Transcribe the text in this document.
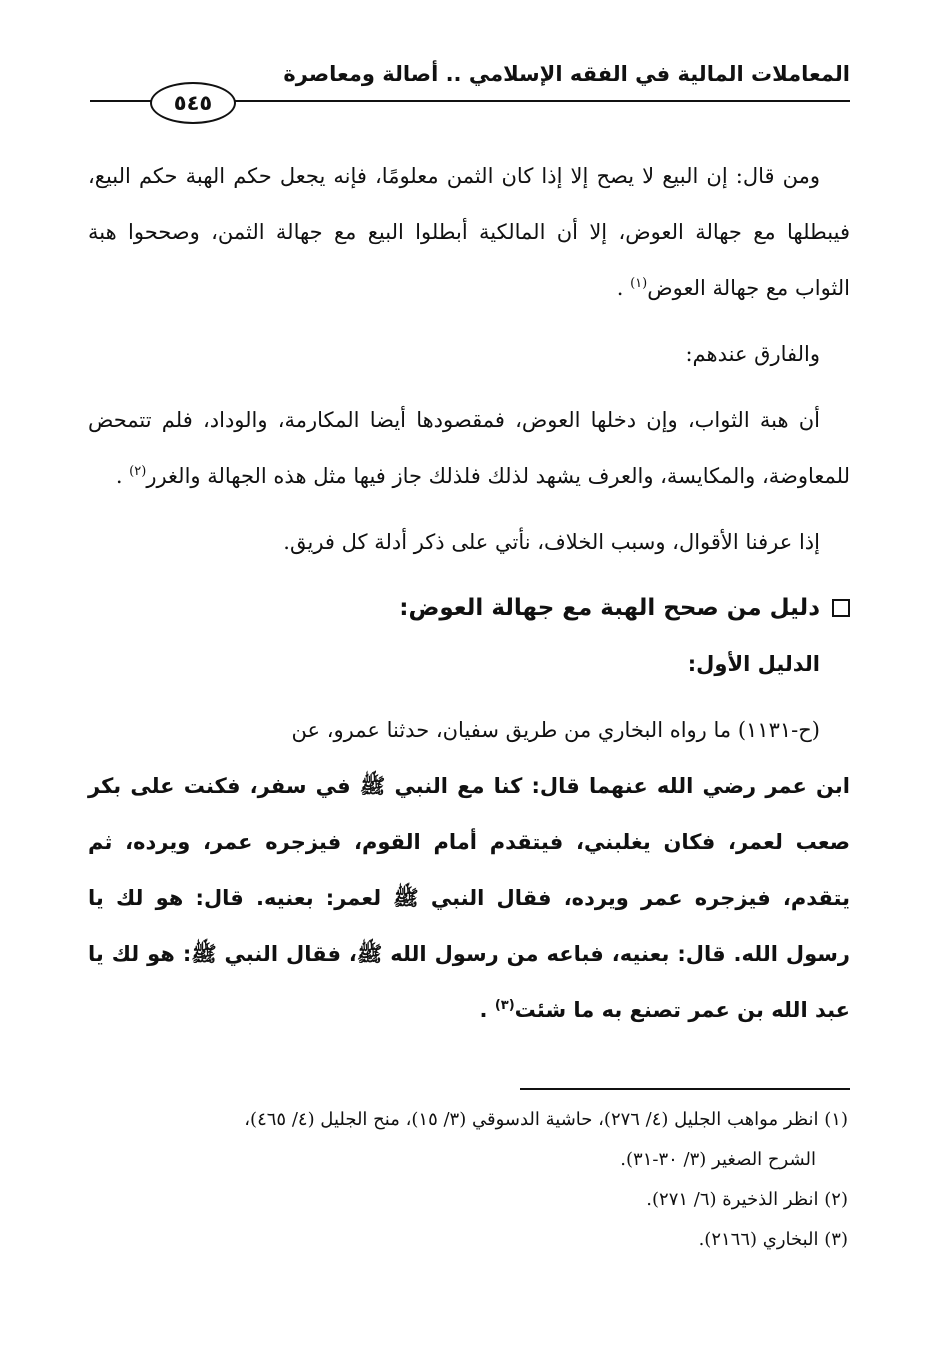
المعاملات المالية في الفقه الإسلامي .. أصالة ومعاصرة
٥٤٥

ومن قال: إن البيع لا يصح إلا إذا كان الثمن معلومًا، فإنه يجعل حكم الهبة حكم البيع، فيبطلها مع جهالة العوض، إلا أن المالكية أبطلوا البيع مع جهالة الثمن، وصححوا هبة الثواب مع جهالة العوض$^{(١)}$ .

والفارق عندهم:

أن هبة الثواب، وإن دخلها العوض، فمقصودها أيضا المكارمة، والوداد، فلم تتمحض للمعاوضة، والمكايسة، والعرف يشهد لذلك فلذلك جاز فيها مثل هذه الجهالة والغرر$^{(٢)}$ .

إذا عرفنا الأقوال، وسبب الخلاف، نأتي على ذكر أدلة كل فريق.

دليل من صحح الهبة مع جهالة العوض:

الدليل الأول:

(ح-١١٣١) ما رواه البخاري من طريق سفيان، حدثنا عمرو، عن

ابن عمر رضي الله عنهما قال: كنا مع النبي ﷺ في سفر، فكنت على بكر صعب لعمر، فكان يغلبني، فيتقدم أمام القوم، فيزجره عمر، ويرده، ثم يتقدم، فيزجره عمر ويرده، فقال النبي ﷺ لعمر: بعنيه. قال: هو لك يا رسول الله. قال: بعنيه، فباعه من رسول الله ﷺ، فقال النبي ﷺ: هو لك يا عبد الله بن عمر تصنع به ما شئت$^{(٣)}$ .

(١) انظر مواهب الجليل (٤/ ٢٧٦)، حاشية الدسوقي (٣/ ١٥)، منح الجليل (٤/ ٤٦٥)،

الشرح الصغير (٣/ ٣٠-٣١).

(٢) انظر الذخيرة (٦/ ٢٧١).

(٣) البخاري (٢١٦٦).
